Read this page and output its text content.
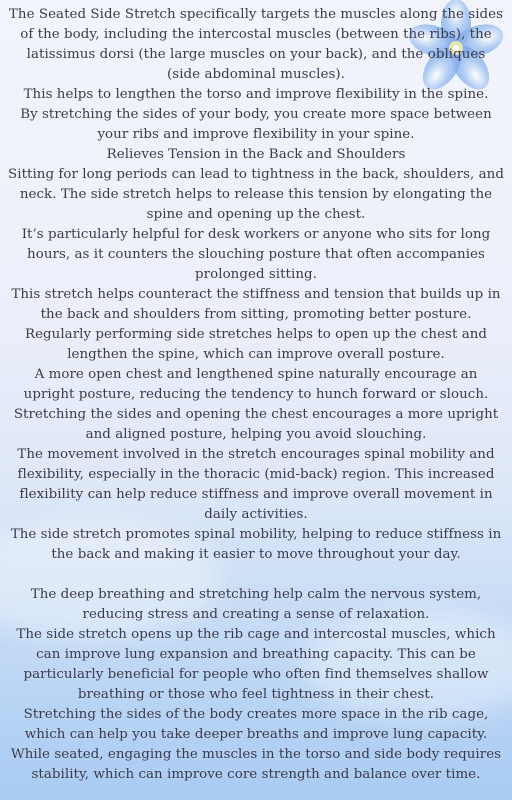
The Seated Side Stretch specifically targets the muscles along the sides of the body, including the intercostal muscles (between the ribs), the latissimus dorsi (the large muscles on your back), and the obliques (side abdominal muscles).

This helps to lengthen the torso and improve flexibility in the spine.

By stretching the sides of your body, you create more space between your ribs and improve flexibility in your spine.

Relieves Tension in the Back and Shoulders

Sitting for long periods can lead to tightness in the back, shoulders, and neck. The side stretch helps to release this tension by elongating the spine and opening up the chest.

It’s particularly helpful for desk workers or anyone who sits for long hours, as it counters the slouching posture that often accompanies prolonged sitting.

This stretch helps counteract the stiffness and tension that builds up in the back and shoulders from sitting, promoting better posture.

Regularly performing side stretches helps to open up the chest and lengthen the spine, which can improve overall posture.

A more open chest and lengthened spine naturally encourage an upright posture, reducing the tendency to hunch forward or slouch.

Stretching the sides and opening the chest encourages a more upright and aligned posture, helping you avoid slouching.

The movement involved in the stretch encourages spinal mobility and flexibility, especially in the thoracic (mid-back) region. This increased flexibility can help reduce stiffness and improve overall movement in daily activities.

The side stretch promotes spinal mobility, helping to reduce stiffness in the back and making it easier to move throughout your day.

The deep breathing and stretching help calm the nervous system, reducing stress and creating a sense of relaxation.

The side stretch opens up the rib cage and intercostal muscles, which can improve lung expansion and breathing capacity. This can be particularly beneficial for people who often find themselves shallow breathing or those who feel tightness in their chest.

Stretching the sides of the body creates more space in the rib cage, which can help you take deeper breaths and improve lung capacity.

While seated, engaging the muscles in the torso and side body requires stability, which can improve core strength and balance over time.
